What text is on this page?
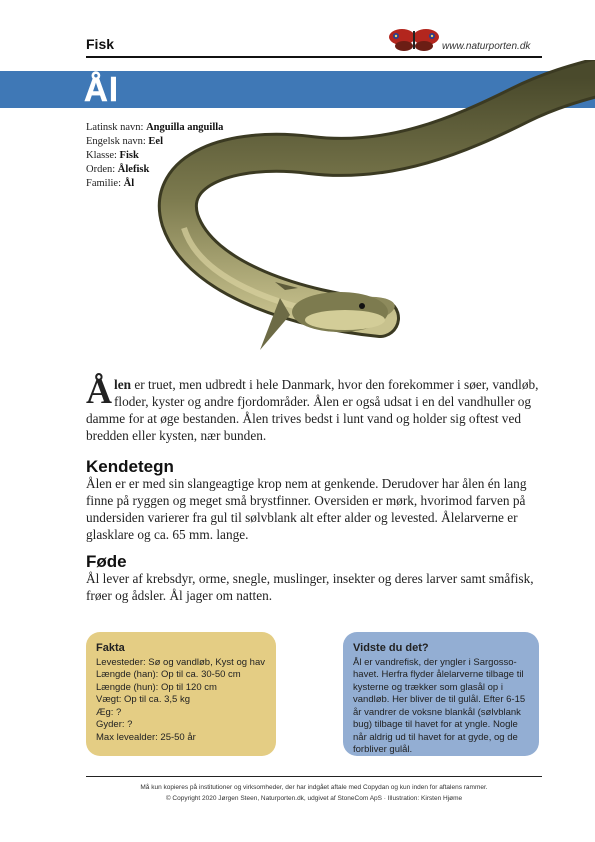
Fisk	www.naturporten.dk
Ål
Latinsk navn: Anguilla anguilla
Engelsk navn: Eel
Klasse: Fisk
Orden: Ålefisk
Familie: Ål

Ålen er truet, men udbredt i hele Danmark, hvor den forekommer i søer, vandløb, floder, kyster og andre fjordområder. Ålen er også udsat i en del vandhuller og damme for at øge bestanden. Ålen trives bedst i lunt vand og holder sig oftest ved bredden eller kysten, nær bunden.

Kendetegn

Ålen er er med sin slangeagtige krop nem at genkende. Derudover har ålen én lang finne på ryggen og meget små brystfinner. Oversiden er mørk, hvorimod farven på undersiden varierer fra gul til sølvblank alt efter alder og levested. Ålelarverne er glasklare og ca. 65 mm. lange.

Føde

Ål lever af krebsdyr, orme, snegle, muslinger, insekter og deres larver samt småfisk, frøer og ådsler. Ål jager om natten.

Fakta
Levesteder: Sø og vandløb, Kyst og hav
Længde (han): Op til ca. 30-50 cm
Længde (hun): Op til 120 cm
Vægt: Op til ca. 3,5 kg
Æg: ?
Gyder: ?
Max levealder: 25-50 år
Vidste du det?
Ål er vandrefisk, der yngler i Sargosso-havet. Herfra flyder ålelarverne tilbage til kysterne og trækker som glasål op i vandløb. Her bliver de til gulål. Efter 6-15 år vandrer de voksne blankål (sølvblank bug) tilbage til havet for at yngle. Nogle når aldrig ud til havet for at gyde, og de forbliver gulål.
Må kun kopieres på institutioner og virksomheder, der har indgået aftale med Copydan og kun inden for aftalens rammer.
© Copyright 2020 Jørgen Steen, Naturporten.dk, udgivet af StoneCom ApS · Illustration: Kirsten Hjøme
